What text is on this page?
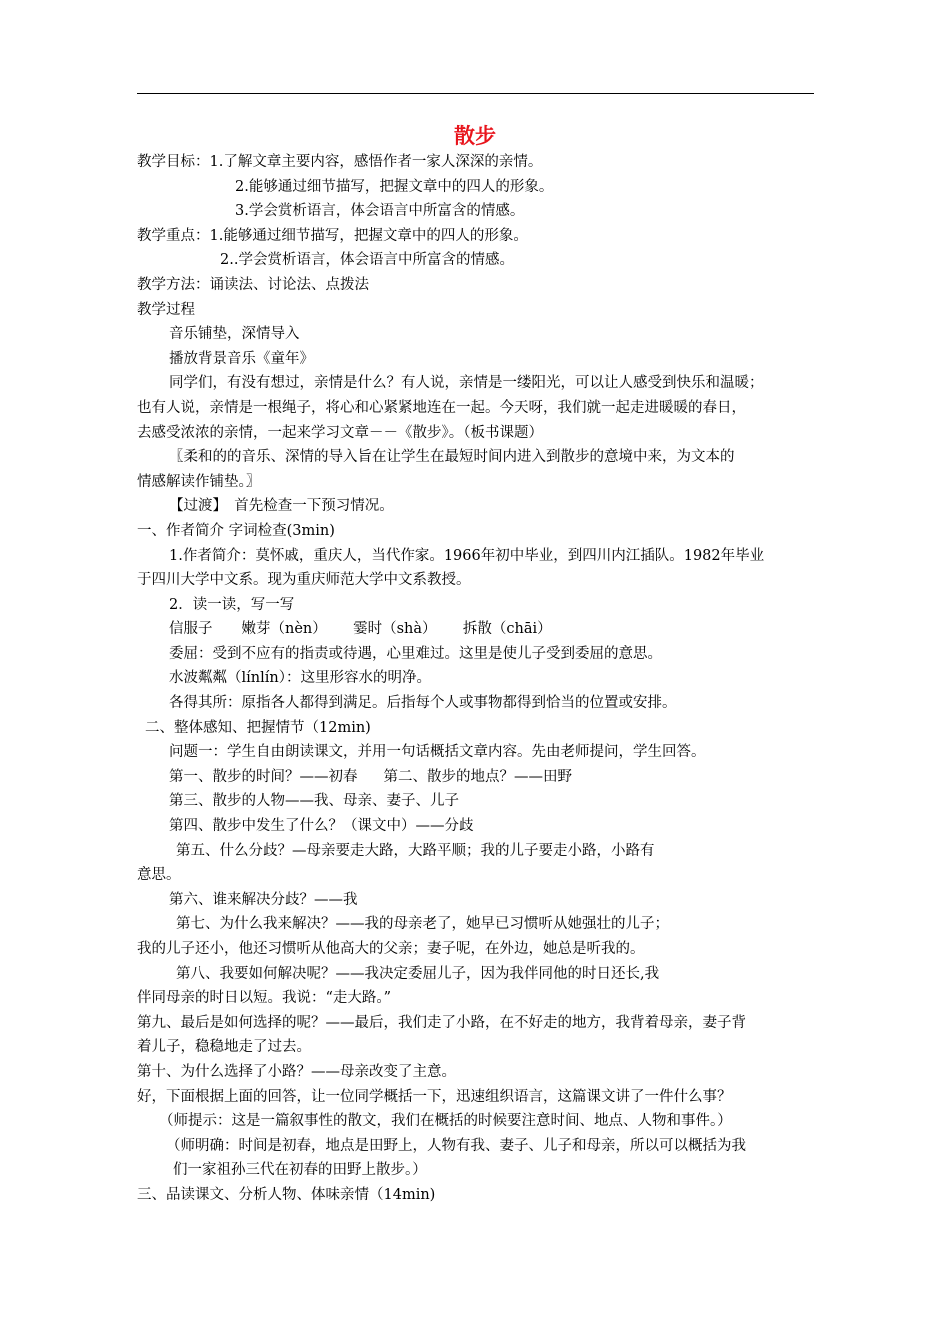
散步

教学目标：1.了解文章主要内容，感悟作者一家人深深的亲情。

2.能够通过细节描写，把握文章中的四人的形象。

3.学会赏析语言，体会语言中所富含的情感。

教学重点：1.能够通过细节描写，把握文章中的四人的形象。

2..学会赏析语言，体会语言中所富含的情感。

教学方法：诵读法、讨论法、点拨法

教学过程

音乐铺垫，深情导入

播放背景音乐《童年》

同学们，有没有想过，亲情是什么？有人说，亲情是一缕阳光，可以让人感受到快乐和温暖；

也有人说，亲情是一根绳子，将心和心紧紧地连在一起。今天呀，我们就一起走进暖暖的春日，

去感受浓浓的亲情，一起来学习文章－－《散步》。（板书课题）

〖柔和的的音乐、深情的导入旨在让学生在最短时间内进入到散步的意境中来，为文本的

情感解读作铺垫。〗

【过渡】　首先检查一下预习情况。

一、作者简介 字词检查(3min)

1.作者简介：莫怀戚，重庆人，当代作家。1966年初中毕业，到四川内江插队。1982年毕业

于四川大学中文系。现为重庆师范大学中文系教授。

2．读一读，写一写

信服子　　嫩芽（nèn）　　 霎时（shà）　　 拆散（chāi）

委屈：受到不应有的指责或待遇，心里难过。这里是使儿子受到委屈的意思。

水波粼粼（línlín）：这里形容水的明净。

各得其所：原指各人都得到满足。后指每个人或事物都得到恰当的位置或安排。

二、整体感知、把握情节（12min)

问题一：学生自由朗读课文，并用一句话概括文章内容。先由老师提问，学生回答。

第一、散步的时间？——初春 第二、散步的地点？——田野

第三、散步的人物——我、母亲、妻子、儿子

第四、散步中发生了什么？（课文中）——分歧

第五、什么分歧？—母亲要走大路，大路平顺；我的儿子要走小路，小路有

意思。

第六、谁来解决分歧？——我

第七、为什么我来解决？——我的母亲老了，她早已习惯听从她强壮的儿子；

我的儿子还小，他还习惯听从他高大的父亲；妻子呢，在外边，她总是听我的。

第八、我要如何解决呢？——我决定委屈儿子，因为我伴同他的时日还长,我

伴同母亲的时日以短。我说：“走大路。”

第九、最后是如何选择的呢？——最后，我们走了小路，在不好走的地方，我背着母亲，妻子背

着儿子，稳稳地走了过去。

第十、为什么选择了小路？——母亲改变了主意。

好，下面根据上面的回答，让一位同学概括一下，迅速组织语言，这篇课文讲了一件什么事？

（师提示：这是一篇叙事性的散文，我们在概括的时候要注意时间、地点、人物和事件。）

（师明确：时间是初春，地点是田野上，人物有我、妻子、儿子和母亲，所以可以概括为我

们一家祖孙三代在初春的田野上散步。）

三、品读课文、分析人物、体味亲情（14min)
